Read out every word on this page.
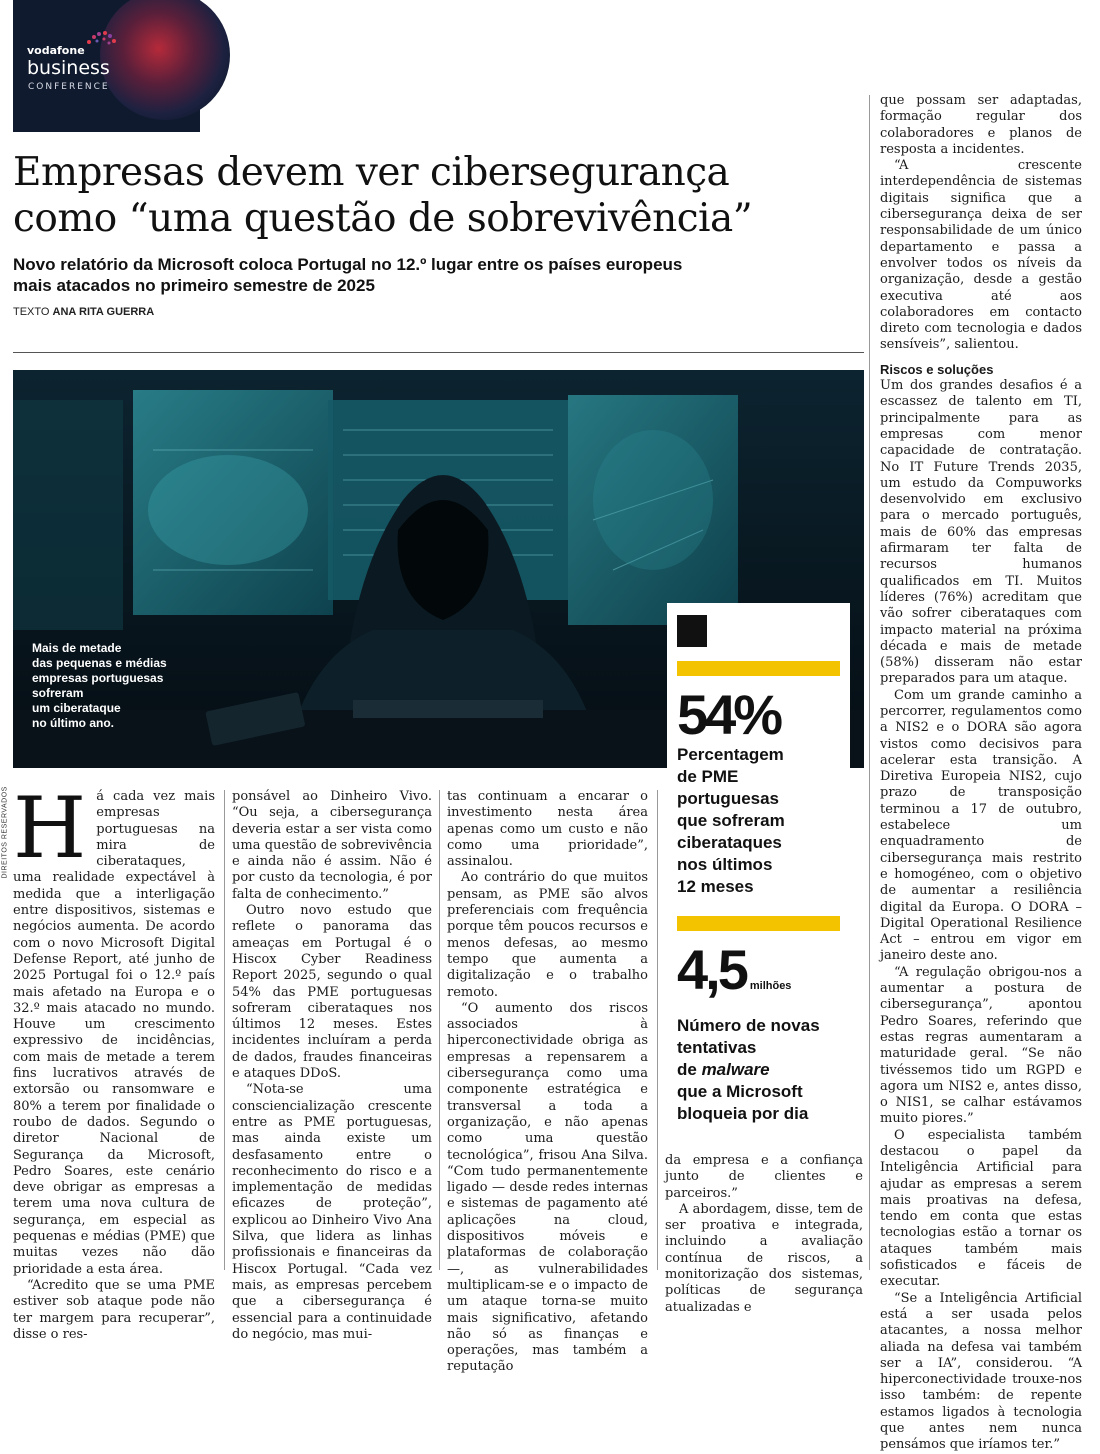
vodafone
business
CONFERENCE
Empresas devem ver cibersegurança
como “uma questão de sobrevivência”
Novo relatório da Microsoft coloca Portugal no 12.º lugar entre os países europeus
mais atacados no primeiro semestre de 2025
TEXTO ANA RITA GUERRA
Mais de metade
das pequenas e médias
empresas portuguesas
sofreram
um ciberataque
no último ano.
DIREITOS RESERVADOS
54%
Percentagem
de PME
portuguesas
que sofreram
ciberataques
nos últimos
12 meses
4,5 milhões
Número de novas
tentativas
de malware
que a Microsoft
bloqueia por dia
H á cada vez mais empresas portuguesas na mira de ciberataques, uma realidade expectável à medida que a interligação entre dispositivos, sistemas e negócios aumenta. De acordo com o novo Microsoft Digital Defense Report, até junho de 2025 Portugal foi o 12.º país mais afetado na Europa e o 32.º mais atacado no mundo. Houve um crescimento expressivo de incidências, com mais de metade a terem fins lucrativos através de extorsão ou ransomware e 80% a terem por finalidade o roubo de dados. Segundo o diretor Nacional de Segurança da Microsoft, Pedro Soares, este cenário deve obrigar as empresas a terem uma nova cultura de segurança, em especial as pequenas e médias (PME) que muitas vezes não dão prioridade a esta área.

“Acredito que se uma PME estiver sob ataque pode não ter margem para recuperar”, disse o res-

ponsável ao Dinheiro Vivo. “Ou seja, a cibersegurança deveria estar a ser vista como uma questão de sobrevivência e ainda não é assim. Não é por custo da tecnologia, é por falta de conhecimento.”

Outro novo estudo que reflete o panorama das ameaças em Portugal é o Hiscox Cyber Readiness Report 2025, segundo o qual 54% das PME portuguesas sofreram ciberataques nos últimos 12 meses. Estes incidentes incluíram a perda de dados, fraudes financeiras e ataques DDoS.

“Nota-se uma consciencialização crescente entre as PME portuguesas, mas ainda existe um desfasamento entre o reconhecimento do risco e a implementação de medidas eficazes de proteção”, explicou ao Dinheiro Vivo Ana Silva, que lidera as linhas profissionais e financeiras da Hiscox Portugal. “Cada vez mais, as empresas percebem que a cibersegurança é essencial para a continuidade do negócio, mas mui-

tas continuam a encarar o investimento nesta área apenas como um custo e não como uma prioridade”, assinalou.

Ao contrário do que muitos pensam, as PME são alvos preferenciais com frequência porque têm poucos recursos e menos defesas, ao mesmo tempo que aumenta a digitalização e o trabalho remoto.

“O aumento dos riscos associados à hiperconectividade obriga as empresas a repensarem a cibersegurança como uma componente estratégica e transversal a toda a organização, e não apenas como uma questão tecnológica”, frisou Ana Silva. “Com tudo permanentemente ligado — desde redes internas e sistemas de pagamento até aplicações na cloud, dispositivos móveis e plataformas de colaboração —, as vulnerabilidades multiplicam-se e o impacto de um ataque torna-se muito mais significativo, afetando não só as finanças e operações, mas também a reputação

da empresa e a confiança junto de clientes e parceiros.”

A abordagem, disse, tem de ser proativa e integrada, incluindo a avaliação contínua de riscos, a monitorização dos sistemas, políticas de segurança atualizadas e

que possam ser adaptadas, formação regular dos colaboradores e planos de resposta a incidentes.

“A crescente interdependência de sistemas digitais significa que a cibersegurança deixa de ser responsabilidade de um único departamento e passa a envolver todos os níveis da organização, desde a gestão executiva até aos colaboradores em contacto direto com tecnologia e dados sensíveis”, salientou.

Riscos e soluções

Um dos grandes desafios é a escassez de talento em TI, principalmente para as empresas com menor capacidade de contratação. No IT Future Trends 2035, um estudo da Compuworks desenvolvido em exclusivo para o mercado português, mais de 60% das empresas afirmaram ter falta de recursos humanos qualificados em TI. Muitos líderes (76%) acreditam que vão sofrer ciberataques com impacto material na próxima década e mais de metade (58%) disseram não estar preparados para um ataque.

Com um grande caminho a percorrer, regulamentos como a NIS2 e o DORA são agora vistos como decisivos para acelerar esta transição. A Diretiva Europeia NIS2, cujo prazo de transposição terminou a 17 de outubro, estabelece um enquadramento de cibersegurança mais restrito e homogéneo, com o objetivo de aumentar a resiliência digital da Europa. O DORA – Digital Operational Resilience Act – entrou em vigor em janeiro deste ano.

“A regulação obrigou-nos a aumentar a postura de cibersegurança”, apontou Pedro Soares, referindo que estas regras aumentaram a maturidade geral. “Se não tivéssemos tido um RGPD e agora um NIS2 e, antes disso, o NIS1, se calhar estávamos muito piores.”

O especialista também destacou o papel da Inteligência Artificial para ajudar as empresas a serem mais proativas na defesa, tendo em conta que estas tecnologias estão a tornar os ataques também mais sofisticados e fáceis de executar.

“Se a Inteligência Artificial está a ser usada pelos atacantes, a nossa melhor aliada na defesa vai também ser a IA”, considerou. “A hiperconectividade trouxe-nos isso também: de repente estamos ligados à tecnologia que antes nem nunca pensámos que iríamos ter.”
